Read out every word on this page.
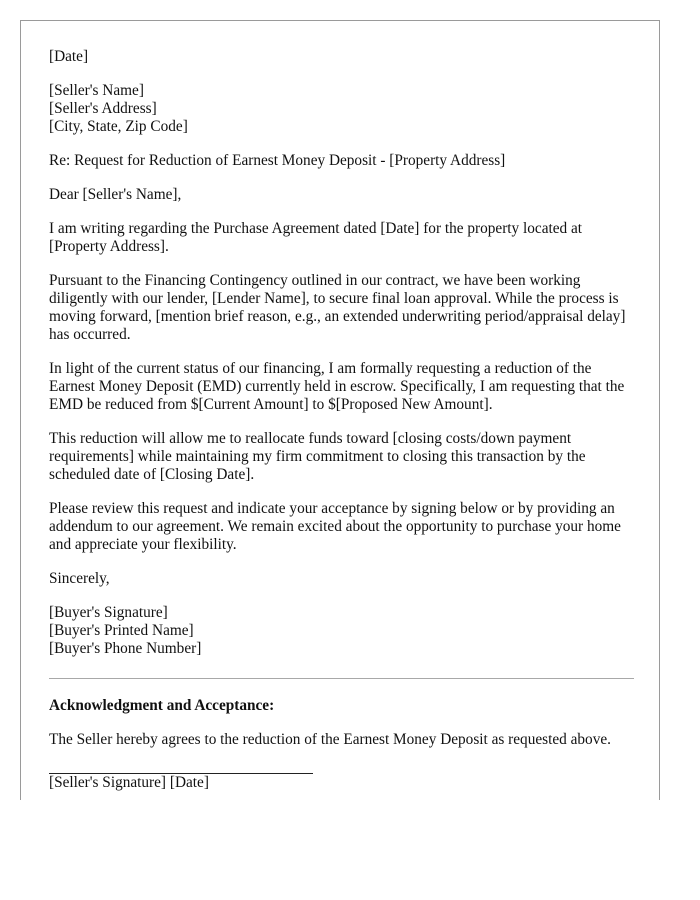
[Date]
[Seller's Name]
[Seller's Address]
[City, State, Zip Code]
Re: Request for Reduction of Earnest Money Deposit - [Property Address]
Dear [Seller's Name],

I am writing regarding the Purchase Agreement dated [Date] for the property located at [Property Address].

Pursuant to the Financing Contingency outlined in our contract, we have been working diligently with our lender, [Lender Name], to secure final loan approval. While the process is moving forward, [mention brief reason, e.g., an extended underwriting period/appraisal delay] has occurred.

In light of the current status of our financing, I am formally requesting a reduction of the Earnest Money Deposit (EMD) currently held in escrow. Specifically, I am requesting that the EMD be reduced from $[Current Amount] to $[Proposed New Amount].

This reduction will allow me to reallocate funds toward [closing costs/down payment requirements] while maintaining my firm commitment to closing this transaction by the scheduled date of [Closing Date].

Please review this request and indicate your acceptance by signing below or by providing an addendum to our agreement. We remain excited about the opportunity to purchase your home and appreciate your flexibility.

Sincerely,
[Buyer's Signature]
[Buyer's Printed Name]
[Buyer's Phone Number]
Acknowledgment and Acceptance:

The Seller hereby agrees to the reduction of the Earnest Money Deposit as requested above.

[Seller's Signature] [Date]
